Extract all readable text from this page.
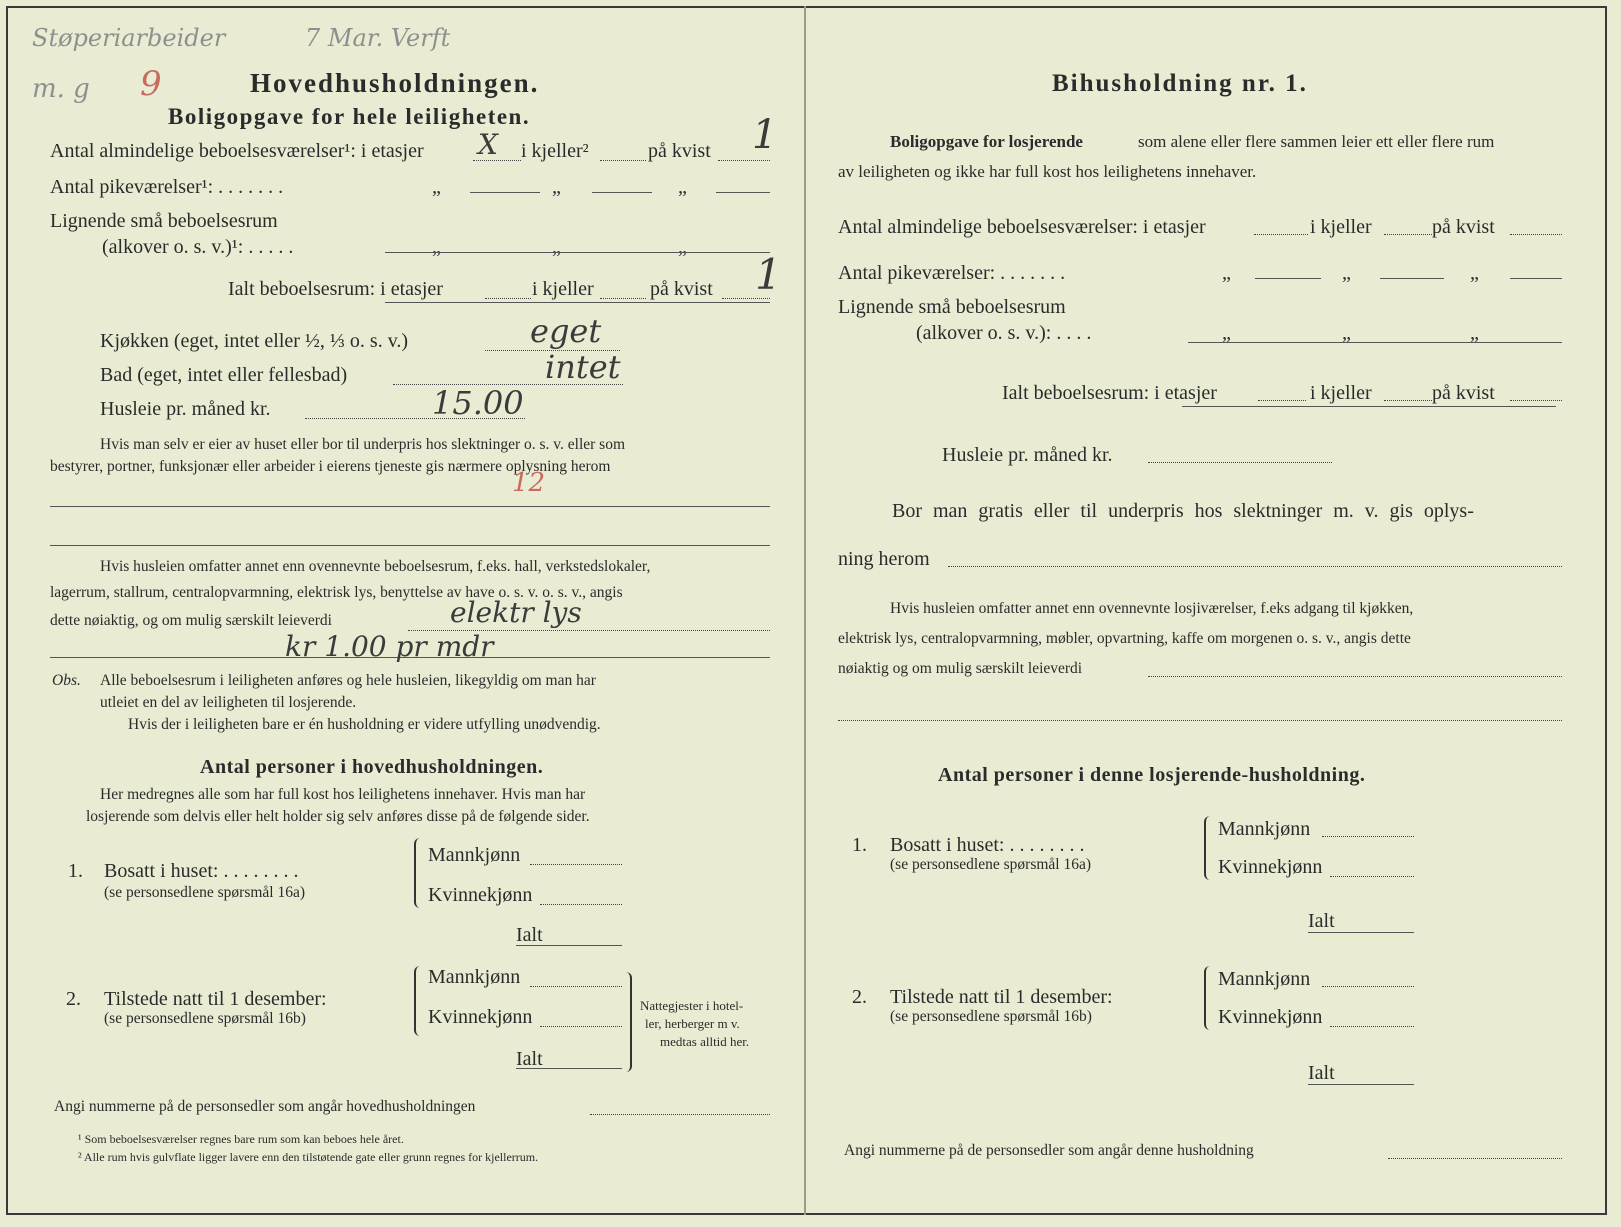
Støperiarbeider	7 Mar. Verft
m. g 9	Hovedhusholdningen.
Boligopgave for hele leiligheten.
Antal almindelige beboelsesværelser¹: i etasjer X i kjeller²	på kvist 1
Antal pikeværelser¹: . . . . . . .	„	„	„
Lignende små beboelsesrum
(alkover o. s. v.)¹: . . . . .	„	„	„
Ialt beboelsesrum: i etasjer	i kjeller	på kvist 1
Kjøkken (eget, intet eller ½, ⅓ o. s. v.)	eget
Bad (eget, intet eller fellesbad)	intet
Husleie pr. måned kr.	15.00
Hvis man selv er eier av huset eller bor til underpris hos slektninger o. s. v. eller som
bestyrer, portner, funksjonær eller arbeider i eierens tjeneste gis nærmere oplysning herom
12
Hvis husleien omfatter annet enn ovennevnte beboelsesrum, f.eks. hall, verkstedslokaler,
lagerrum, stallrum, centralopvarmning, elektrisk lys, benyttelse av have o. s. v. o. s. v., angis
dette nøiaktig, og om mulig særskilt leieverdi	elektr lys
kr 1.00 pr mdr
Obs. Alle beboelsesrum i leiligheten anføres og hele husleien, likegyldig om man har
utleiet en del av leiligheten til losjerende.
Hvis der i leiligheten bare er én husholdning er videre utfylling unødvendig.
Antal personer i hovedhusholdningen.
Her medregnes alle som har full kost hos leilighetens innehaver. Hvis man har
losjerende som delvis eller helt holder sig selv anføres disse på de følgende sider.
1. Bosatt i huset: . . . . . . . .
(se personsedlene spørsmål 16a)
Mannkjønn
Kvinnekjønn
Ialt
2. Tilstede natt til 1 desember:
(se personsedlene spørsmål 16b)
Mannkjønn
Kvinnekjønn
Ialt
Nattegjester i hotel-
ler, herberger m v.
medtas alltid her.
Angi nummerne på de personsedler som angår hovedhusholdningen
¹ Som beboelsesværelser regnes bare rum som kan beboes hele året.
² Alle rum hvis gulvflate ligger lavere enn den tilstøtende gate eller grunn regnes for kjellerrum.
Bihusholdning nr. 1.
Boligopgave for losjerende	som alene eller flere sammen leier ett eller flere rum
av leiligheten og ikke har full kost hos leilighetens innehaver.
Antal almindelige beboelsesværelser: i etasjer	i kjeller	på kvist
Antal pikeværelser: . . . . . . .	„	„	„
Lignende små beboelsesrum
(alkover o. s. v.): . . . .	„	„	„
Ialt beboelsesrum: i etasjer	i kjeller	på kvist
Husleie pr. måned kr.
Bor man gratis eller til underpris hos slektninger m. v. gis oplys-
ning herom
Hvis husleien omfatter annet enn ovennevnte losjiværelser, f.eks adgang til kjøkken,
elektrisk lys, centralopvarmning, møbler, opvartning, kaffe om morgenen o. s. v., angis dette
nøiaktig og om mulig særskilt leieverdi
Antal personer i denne losjerende-husholdning.
1. Bosatt i huset: . . . . . . . .
(se personsedlene spørsmål 16a)
Mannkjønn
Kvinnekjønn
Ialt
2. Tilstede natt til 1 desember:
(se personsedlene spørsmål 16b)
Mannkjønn
Kvinnekjønn
Ialt
Angi nummerne på de personsedler som angår denne husholdning
